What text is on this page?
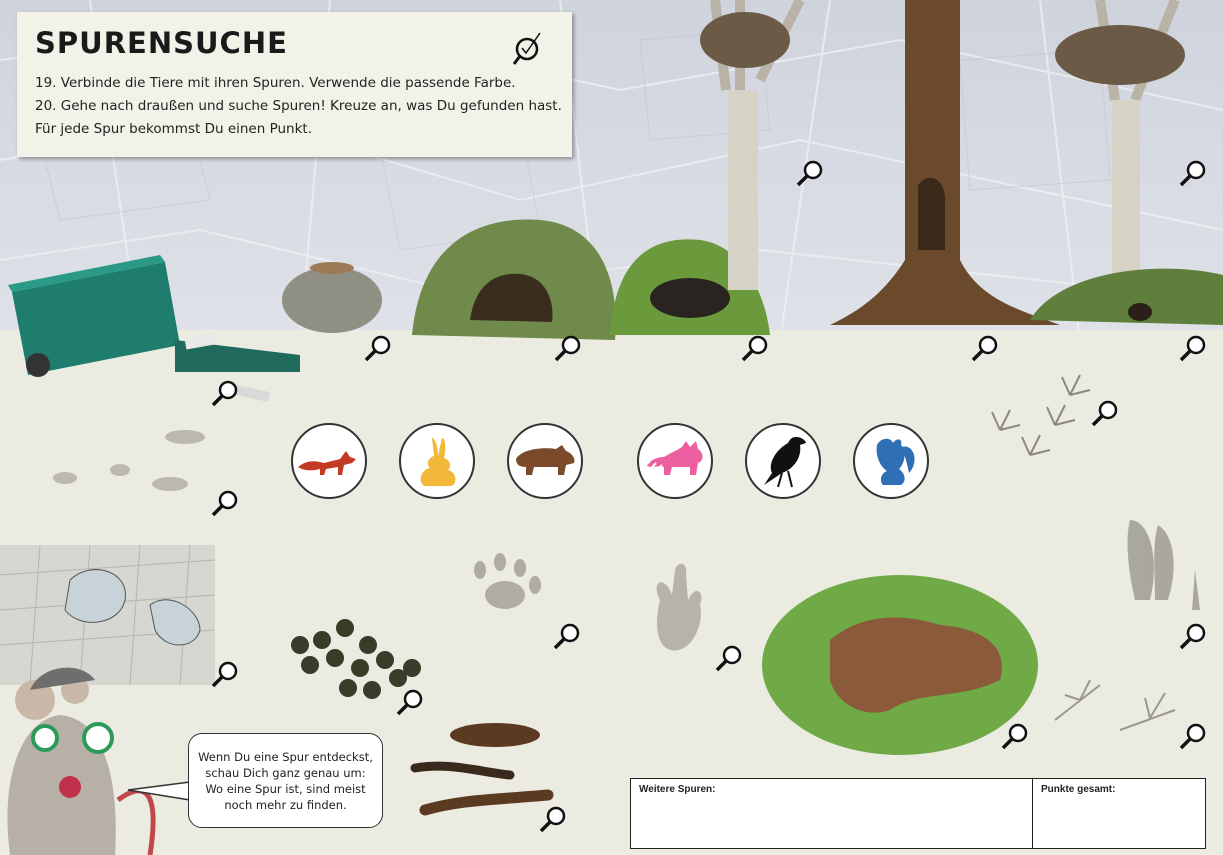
SPURENSUCHE
19. Verbinde die Tiere mit ihren Spuren. Verwende die passende Farbe.
20. Gehe nach draußen und suche Spuren! Kreuze an, was Du gefunden hast.
Für jede Spur bekommst Du einen Punkt.
Wenn Du eine Spur entdeckst,
schau Dich ganz genau um:
Wo eine Spur ist, sind meist
noch mehr zu finden.
Weitere Spuren:	Punkte gesamt:
